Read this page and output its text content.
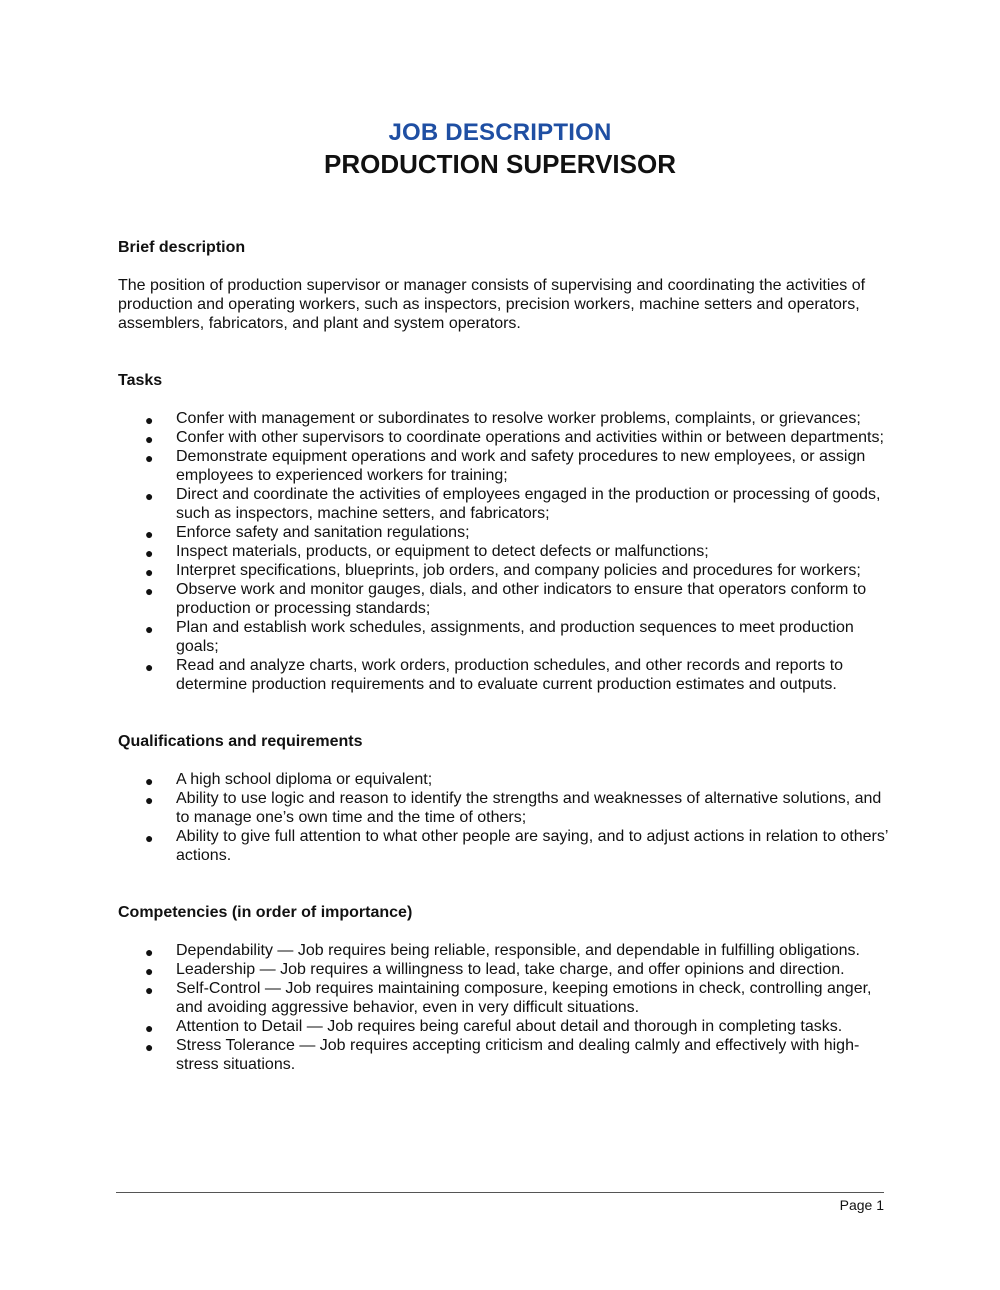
JOB DESCRIPTION
PRODUCTION SUPERVISOR
Brief description

The position of production supervisor or manager consists of supervising and coordinating the activities of production and operating workers, such as inspectors, precision workers, machine setters and operators, assemblers, fabricators, and plant and system operators.

Tasks
● Confer with management or subordinates to resolve worker problems, complaints, or grievances;
● Confer with other supervisors to coordinate operations and activities within or between departments;
● Demonstrate equipment operations and work and safety procedures to new employees, or assign employees to experienced workers for training;
● Direct and coordinate the activities of employees engaged in the production or processing of goods, such as inspectors, machine setters, and fabricators;
● Enforce safety and sanitation regulations;
● Inspect materials, products, or equipment to detect defects or malfunctions;
● Interpret specifications, blueprints, job orders, and company policies and procedures for workers;
● Observe work and monitor gauges, dials, and other indicators to ensure that operators conform to production or processing standards;
● Plan and establish work schedules, assignments, and production sequences to meet production goals;
● Read and analyze charts, work orders, production schedules, and other records and reports to determine production requirements and to evaluate current production estimates and outputs.
Qualifications and requirements
● A high school diploma or equivalent;
● Ability to use logic and reason to identify the strengths and weaknesses of alternative solutions, and to manage one’s own time and the time of others;
● Ability to give full attention to what other people are saying, and to adjust actions in relation to others’ actions.
Competencies (in order of importance)
● Dependability — Job requires being reliable, responsible, and dependable in fulfilling obligations.
● Leadership — Job requires a willingness to lead, take charge, and offer opinions and direction.
● Self-Control — Job requires maintaining composure, keeping emotions in check, controlling anger, and avoiding aggressive behavior, even in very difficult situations.
● Attention to Detail — Job requires being careful about detail and thorough in completing tasks.
● Stress Tolerance — Job requires accepting criticism and dealing calmly and effectively with high-stress situations.
Page 1
